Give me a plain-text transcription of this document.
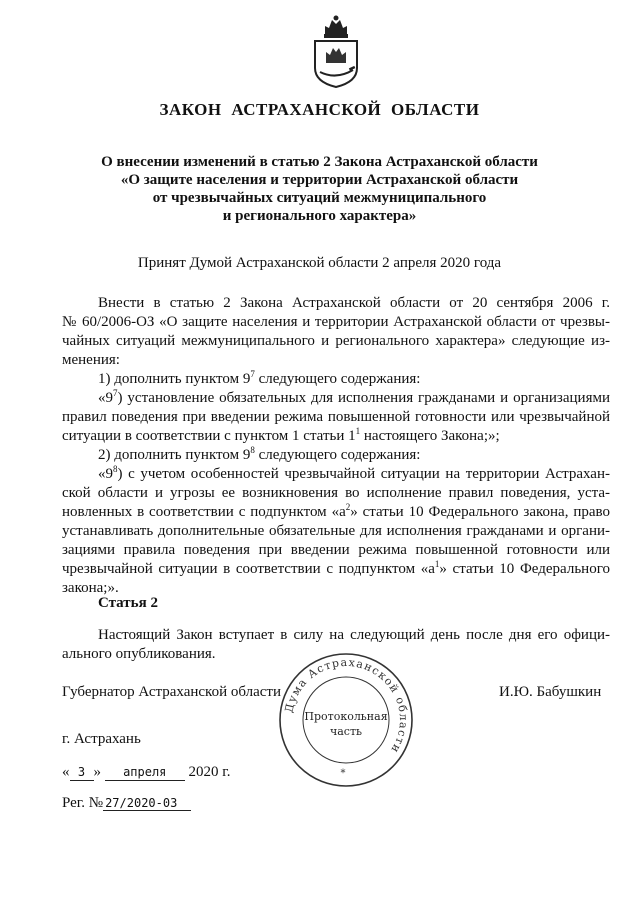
ЗАКОН АСТРАХАНСКОЙ ОБЛАСТИ
О внесении изменений в статью 2 Закона Астраханской области
«О защите населения и территории Астраханской области
от чрезвычайных ситуаций межмуниципального
и регионального характера»
Принят Думой Астраханской области 2 апреля 2020 года
Внести в статью 2 Закона Астраханской области от 20 сентября 2006 г.
№ 60/2006-ОЗ «О защите населения и территории Астраханской области от чрезвы-
чайных ситуаций межмуниципального и регионального характера» следующие из-
менения:
1) дополнить пунктом $9^7$ следующего содержания:
«$9^7$) установление обязательных для исполнения гражданами и организациями
правил поведения при введении режима повышенной готовности или чрезвычайной
ситуации в соответствии с пунктом 1 статьи $1^1$ настоящего Закона;»;
2) дополнить пунктом $9^8$ следующего содержания:
«$9^8$) с учетом особенностей чрезвычайной ситуации на территории Астрахан-
ской области и угрозы ее возникновения во исполнение правил поведения, уста-
новленных в соответствии с подпунктом «$а^2$» статьи 10 Федерального закона, право
устанавливать дополнительные обязательные для исполнения гражданами и органи-
зациями правила поведения при введении режима повышенной готовности или
чрезвычайной ситуации в соответствии с подпунктом «$а^1$» статьи 10 Федерального
закона;».
Статья 2
Настоящий Закон вступает в силу на следующий день после дня его офици-
ального опубликования.
Дума Астраханской области
Протокольная
часть
*
Губернатор Астраханской области	И.Ю. Бабушкин
г. Астрахань
« 3 » апреля 2020 г.
Рег. № 27/2020-03
